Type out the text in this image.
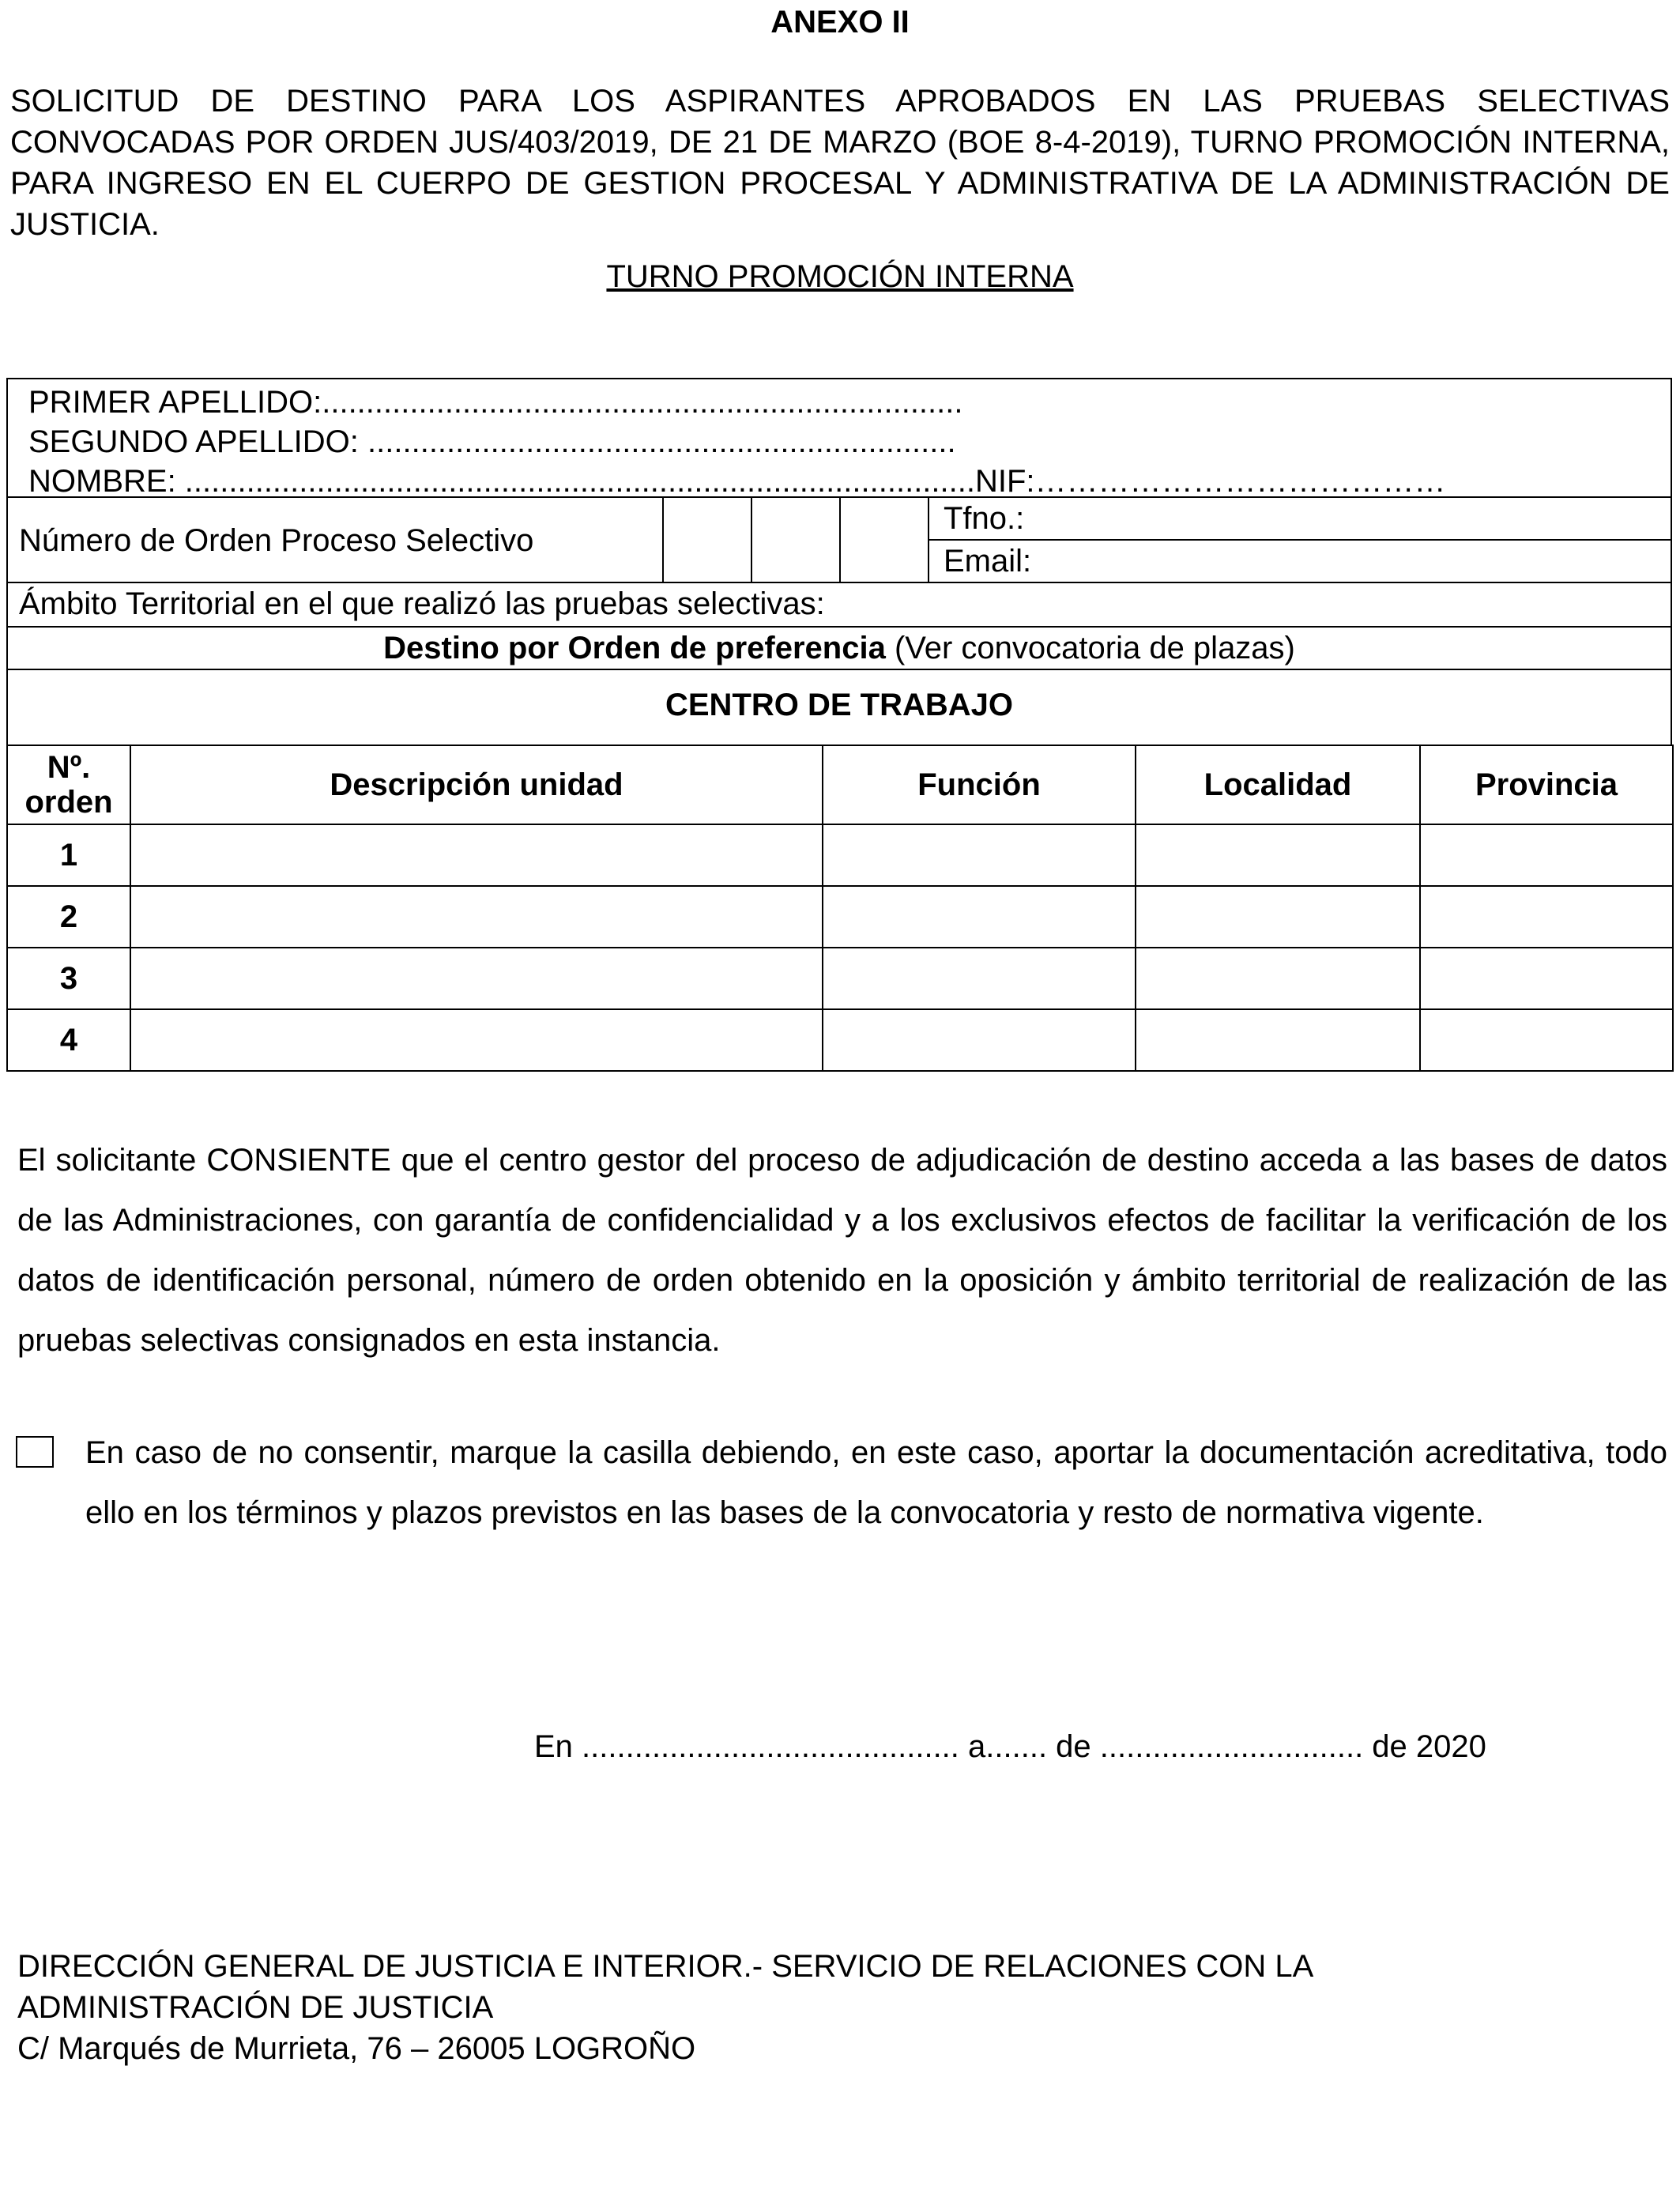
ANEXO II
SOLICITUD DE DESTINO PARA LOS ASPIRANTES APROBADOS EN LAS PRUEBAS SELECTIVAS CONVOCADAS POR ORDEN JUS/403/2019, DE 21 DE MARZO (BOE 8-4-2019), TURNO PROMOCIÓN INTERNA, PARA INGRESO EN EL CUERPO DE GESTION PROCESAL Y ADMINISTRATIVA DE LA ADMINISTRACIÓN DE JUSTICIA.
TURNO PROMOCIÓN INTERNA
PRIMER APELLIDO:.........................................................................
SEGUNDO APELLIDO: ...................................................................
NOMBRE: ..........................................................................................NIF:…………………………………
Número de Orden Proceso Selectivo
Tfno.:
Email:
Ámbito Territorial en el que realizó las pruebas selectivas:
Destino por Orden de preferencia (Ver convocatoria de plazas)
CENTRO DE TRABAJO
Nº.
orden	Descripción unidad	Función	Localidad	Provincia
1				
2				
3				
4				
El solicitante CONSIENTE que el centro gestor del proceso de adjudicación de destino acceda a las bases de datos de las Administraciones, con garantía de confidencialidad y a los exclusivos efectos de facilitar la verificación de los datos de identificación personal, número de orden obtenido en la oposición y ámbito territorial de realización de las pruebas selectivas consignados en esta instancia.
En caso de no consentir, marque la casilla debiendo, en este caso, aportar la documentación acreditativa, todo ello en los términos y plazos previstos en las bases de la convocatoria y resto de normativa vigente.
En ........................................... a....... de .............................. de 2020
DIRECCIÓN GENERAL DE JUSTICIA E INTERIOR.- SERVICIO DE RELACIONES CON LA
ADMINISTRACIÓN DE JUSTICIA
C/ Marqués de Murrieta, 76 – 26005 LOGROÑO
